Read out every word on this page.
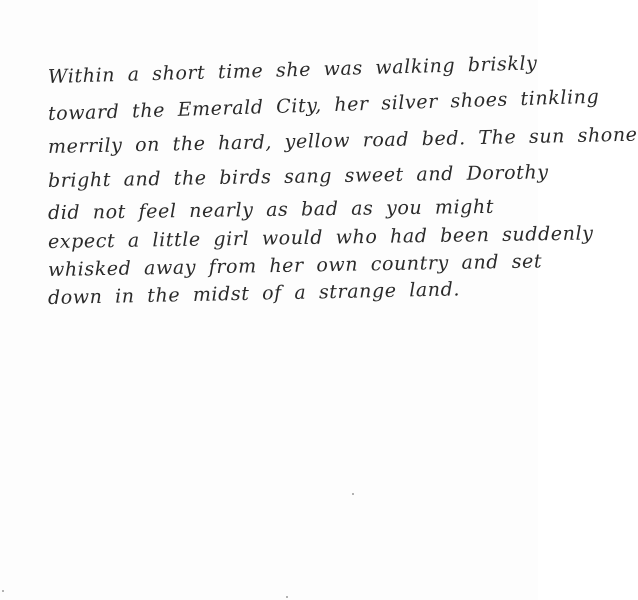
Within a short time she was walking briskly
toward the Emerald City, her silver shoes tinkling
merrily on the hard, yellow road bed. The sun shone
bright and the birds sang sweet and Dorothy
did not feel nearly as bad as you might
expect a little girl would who had been suddenly
whisked away from her own country and set
down in the midst of a strange land.
